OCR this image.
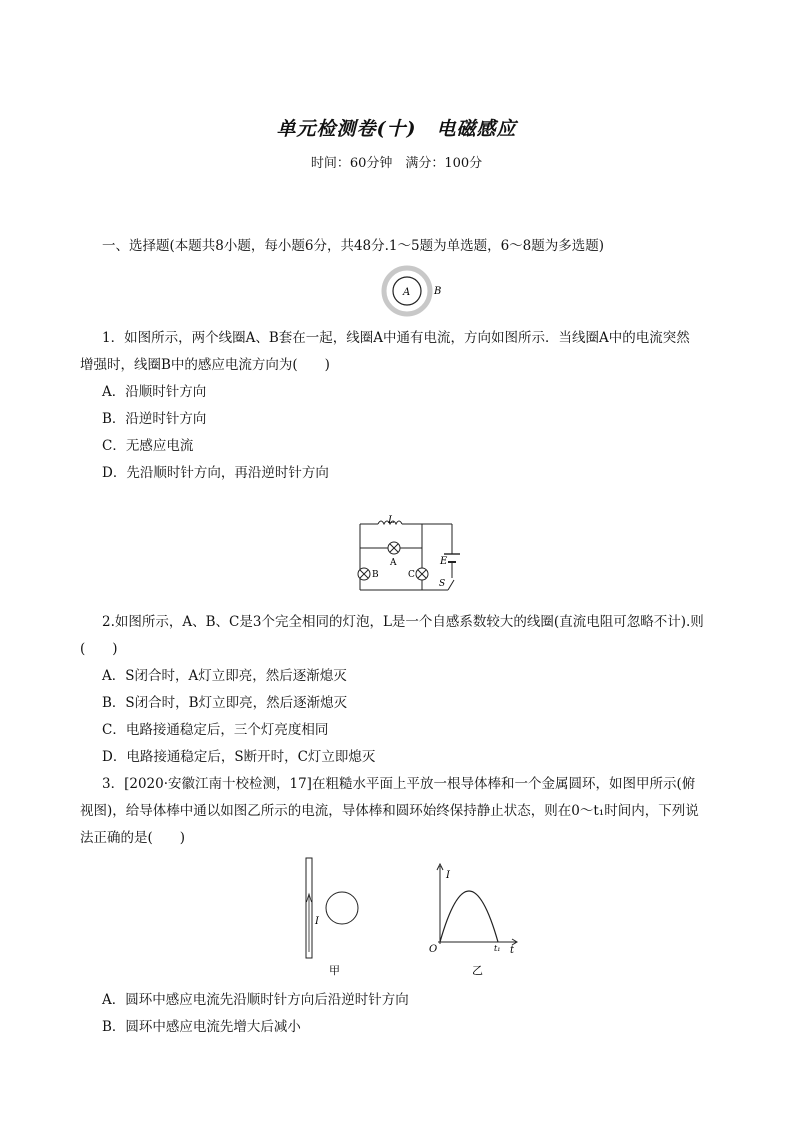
单元检测卷(十)　电磁感应
时间：60分钟　满分：100分
一、选择题(本题共8小题，每小题6分，共48分.1～5题为单选题，6～8题为多选题)
A B
1．如图所示，两个线圈A、B套在一起，线圈A中通有电流，方向如图所示．当线圈A中的电流突然
增强时，线圈B中的感应电流方向为(　　)
A．沿顺时针方向
B．沿逆时针方向
C．无感应电流
D．先沿顺时针方向，再沿逆时针方向
L
A
B	C
E
S
2.如图所示，A、B、C是3个完全相同的灯泡，L是一个自感系数较大的线圈(直流电阻可忽略不计).则
(　　)
A．S闭合时，A灯立即亮，然后逐渐熄灭
B．S闭合时，B灯立即亮，然后逐渐熄灭
C．电路接通稳定后，三个灯亮度相同
D．电路接通稳定后，S断开时，C灯立即熄灭
3．[2020·安徽江南十校检测，17]在粗糙水平面上平放一根导体棒和一个金属圆环，如图甲所示(俯
视图)，给导体棒中通以如图乙所示的电流，导体棒和圆环始终保持静止状态，则在0～t₁时间内，下列说
法正确的是(　　)
I
甲
I
O	t₁ t
乙
A．圆环中感应电流先沿顺时针方向后沿逆时针方向
B．圆环中感应电流先增大后减小
